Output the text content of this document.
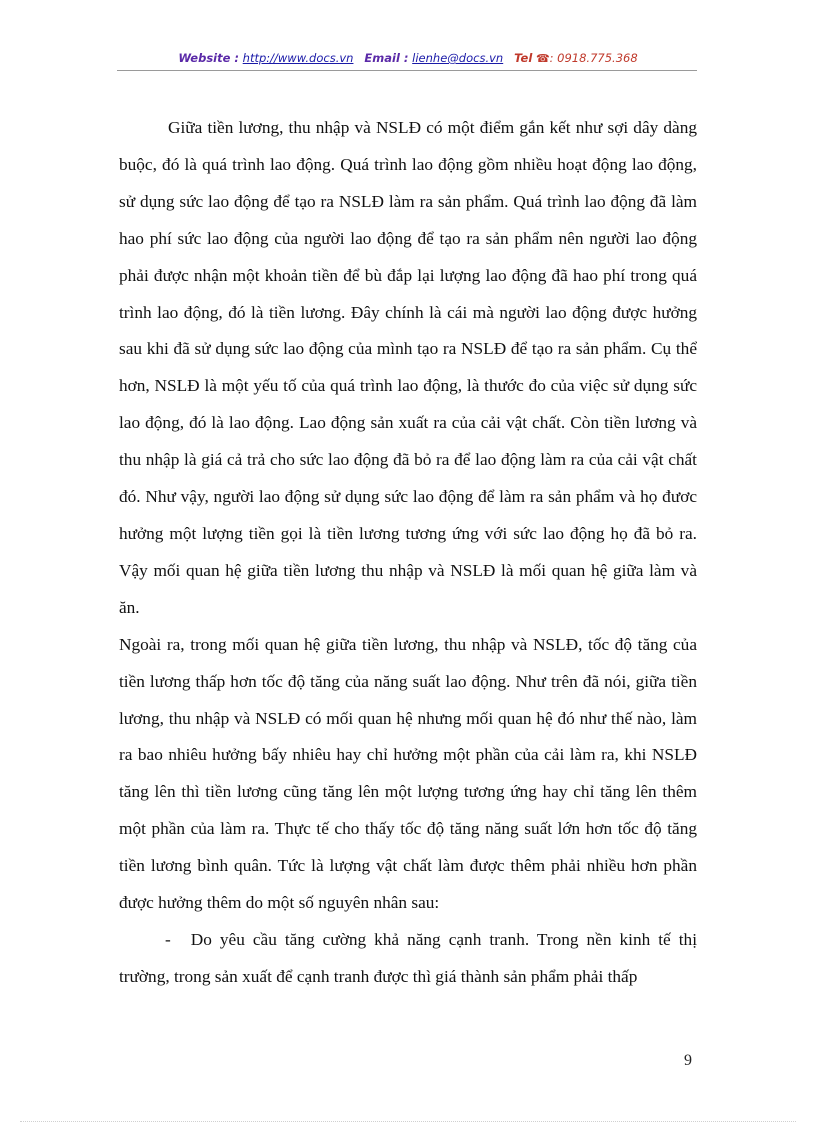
Website : http://www.docs.vn Email : lienhe@docs.vn Tel ☎: 0918.775.368

Giữa tiền lương, thu nhập và NSLĐ có một điểm gắn kết như sợi dây dàng buộc, đó là quá trình lao động. Quá trình lao động gồm nhiều hoạt động lao động, sử dụng sức lao động để tạo ra NSLĐ làm ra sản phẩm. Quá trình lao động đã làm hao phí sức lao động của người lao động để tạo ra sản phẩm nên người lao động phải được nhận một khoản tiền để bù đắp lại lượng lao động đã hao phí trong quá trình lao động, đó là tiền lương. Đây chính là cái mà người lao động được hưởng sau khi đã sử dụng sức lao động của mình tạo ra NSLĐ để tạo ra sản phẩm. Cụ thể hơn, NSLĐ là một yếu tố của quá trình lao động, là thước đo của việc sử dụng sức lao động, đó là lao động. Lao động sản xuất ra của cải vật chất. Còn tiền lương và thu nhập là giá cả trả cho sức lao động đã bỏ ra để lao động làm ra của cải vật chất đó. Như vậy, người lao động sử dụng sức lao động để làm ra sản phẩm và họ đươc hưởng một lượng tiền gọi là tiền lương tương ứng với sức lao động họ đã bỏ ra. Vậy mối quan hệ giữa tiền lương thu nhập và NSLĐ là mối quan hệ giữa làm và ăn.

Ngoài ra, trong mối quan hệ giữa tiền lương, thu nhập và NSLĐ, tốc độ tăng của tiền lương thấp hơn tốc độ tăng của năng suất lao động. Như trên đã nói, giữa tiền lương, thu nhập và NSLĐ có mối quan hệ nhưng mối quan hệ đó như thế nào, làm ra bao nhiêu hưởng bấy nhiêu hay chỉ hưởng một phần của cải làm ra, khi NSLĐ tăng lên thì tiền lương cũng tăng lên một lượng tương ứng hay chỉ tăng lên thêm một phần của làm ra. Thực tế cho thấy tốc độ tăng năng suất lớn hơn tốc độ tăng tiền lương bình quân. Tức là lượng vật chất làm được thêm phải nhiều hơn phần được hưởng thêm do một số nguyên nhân sau:

- Do yêu cầu tăng cường khả năng cạnh tranh. Trong nền kinh tế thị trường, trong sản xuất để cạnh tranh được thì giá thành sản phẩm phải thấp

9
